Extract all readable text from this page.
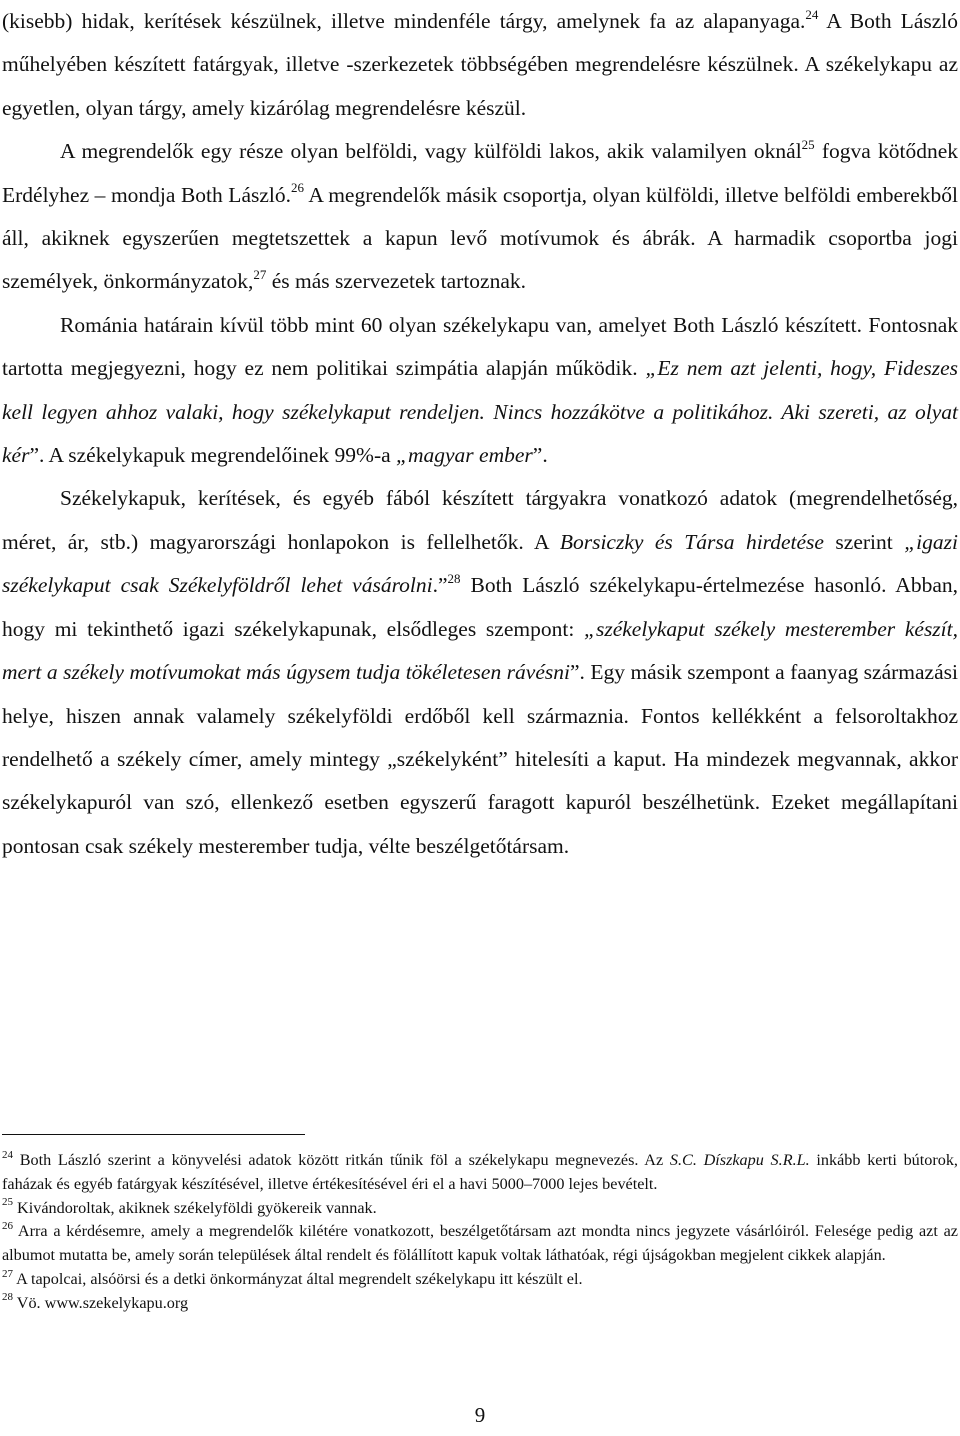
(kisebb) hidak, kerítések készülnek, illetve mindenféle tárgy, amelynek fa az alapanyaga.$^{24}$ A Both László műhelyében készített fatárgyak, illetve -szerkezetek többségében megrendelésre készülnek. A székelykapu az egyetlen, olyan tárgy, amely kizárólag megrendelésre készül.

A megrendelők egy része olyan belföldi, vagy külföldi lakos, akik valamilyen oknál$^{25}$ fogva kötődnek Erdélyhez – mondja Both László.$^{26}$ A megrendelők másik csoportja, olyan külföldi, illetve belföldi emberekből áll, akiknek egyszerűen megtetszettek a kapun levő motívumok és ábrák. A harmadik csoportba jogi személyek, önkormányzatok,$^{27}$ és más szervezetek tartoznak.

Románia határain kívül több mint 60 olyan székelykapu van, amelyet Both László készített. Fontosnak tartotta megjegyezni, hogy ez nem politikai szimpátia alapján működik. „Ez nem azt jelenti, hogy, Fideszes kell legyen ahhoz valaki, hogy székelykaput rendeljen. Nincs hozzákötve a politikához. Aki szereti, az olyat kér”. A székelykapuk megrendelőinek 99%-a „magyar ember”.

Székelykapuk, kerítések, és egyéb fából készített tárgyakra vonatkozó adatok (megrendelhetőség, méret, ár, stb.) magyarországi honlapokon is fellelhetők. A Borsiczky és Társa hirdetése szerint „igazi székelykaput csak Székelyföldről lehet vásárolni.”$^{28}$ Both László székelykapu-értelmezése hasonló. Abban, hogy mi tekinthető igazi székelykapunak, elsődleges szempont: „székelykaput székely mesterember készít, mert a székely motívumokat más úgysem tudja tökéletesen rávésni”. Egy másik szempont a faanyag származási helye, hiszen annak valamely székelyföldi erdőből kell származnia. Fontos kellékként a felsoroltakhoz rendelhető a székely címer, amely mintegy „székelyként” hitelesíti a kaput. Ha mindezek megvannak, akkor székelykapuról van szó, ellenkező esetben egyszerű faragott kapuról beszélhetünk. Ezeket megállapítani pontosan csak székely mesterember tudja, vélte beszélgetőtársam.

$^{24}$ Both László szerint a könyvelési adatok között ritkán tűnik föl a székelykapu megnevezés. Az S.C. Díszkapu S.R.L. inkább kerti bútorok, faházak és egyéb fatárgyak készítésével, illetve értékesítésével éri el a havi 5000–7000 lejes bevételt.

$^{25}$ Kivándoroltak, akiknek székelyföldi gyökereik vannak.

$^{26}$ Arra a kérdésemre, amely a megrendelők kilétére vonatkozott, beszélgetőtársam azt mondta nincs jegyzete vásárlóiról. Felesége pedig azt az albumot mutatta be, amely során települések által rendelt és fölállított kapuk voltak láthatóak, régi újságokban megjelent cikkek alapján.

$^{27}$ A tapolcai, alsóörsi és a detki önkormányzat által megrendelt székelykapu itt készült el.

$^{28}$ Vö. www.szekelykapu.org

9
